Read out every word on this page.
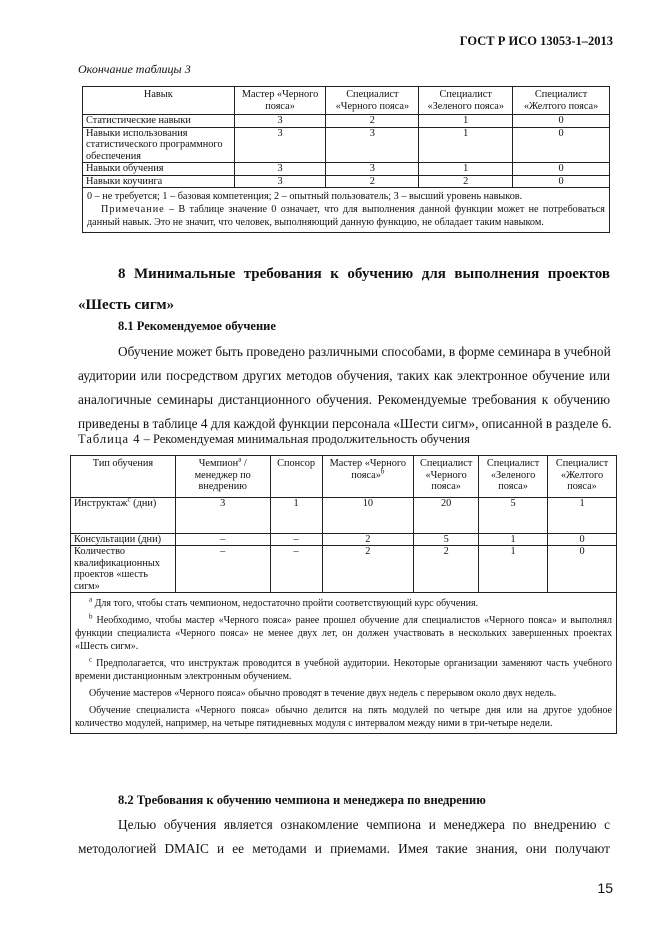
ГОСТ Р ИСО 13053-1–2013
Окончание таблицы 3
Навык	Мастер «Черного пояса»	Специалист «Черного пояса»	Специалист «Зеленого пояса»	Специалист «Желтого пояса»
Статистические навыки	3	2	1	0
Навыки использования статистического программного обеспечения	3	3	1	0
Навыки обучения	3	3	1	0
Навыки коучинга	3	2	2	0

0 – не требуется; 1 – базовая компетенция; 2 – опытный пользователь; 3 – высший уровень навыков.
Примечание – В таблице значение 0 означает, что для выполнения данной функции может не потребоваться данный навык. Это не значит, что человек, выполняющий данную функцию, не обладает таким навыком.				
8 Минимальные требования к обучению для выполнения проектов
«Шесть сигм»
8.1 Рекомендуемое обучение
Обучение может быть проведено различными способами, в форме семинара в учебной
аудитории или посредством других методов обучения, таких как электронное обучение или
аналогичные семинары дистанционного обучения. Рекомендуемые требования к обучению
приведены в таблице 4 для каждой функции персонала «Шести сигм», описанной в разделе 6.
Таблица 4 – Рекомендуемая минимальная продолжительность обучения
Тип обучения	Чемпион$^a$ / менеджер по внедрению	Спонсор	Мастер «Черного пояса»$^b$	Специалист «Черного пояса»	Специалист «Зеленого пояса»	Специалист «Желтого пояса»
Инструктаж$^c$ (дни)	3	1	10	20	5	1
Консультации (дни)	–	–	2	5	1	0
Количество квалификационных проектов «шесть сигм»	–	–	2	2	1	0

$^a$ Для того, чтобы стать чемпионом, недостаточно пройти соответствующий курс обучения.

$^b$ Необходимо, чтобы мастер «Черного пояса» ранее прошел обучение для специалистов «Черного пояса» и выполнял функции специалиста «Черного пояса» не менее двух лет, он должен участвовать в нескольких завершенных проектах «Шесть сигм».

$^c$ Предполагается, что инструктаж проводится в учебной аудитории. Некоторые организации заменяют часть учебного времени дистанционным электронным обучением.

Обучение мастеров «Черного пояса» обычно проводят в течение двух недель с перерывом около двух недель.

Обучение специалиста «Черного пояса» обычно делится на пять модулей по четыре дня или на другое удобное количество модулей, например, на четыре пятидневных модуля с интервалом между ними в три-четыре недели.						

8.2 Требования к обучению чемпиона и менеджера по внедрению
Целью обучения является ознакомление чемпиона и менеджера по внедрению с
методологией DMAIC и ее методами и приемами. Имея такие знания, они получают
15
